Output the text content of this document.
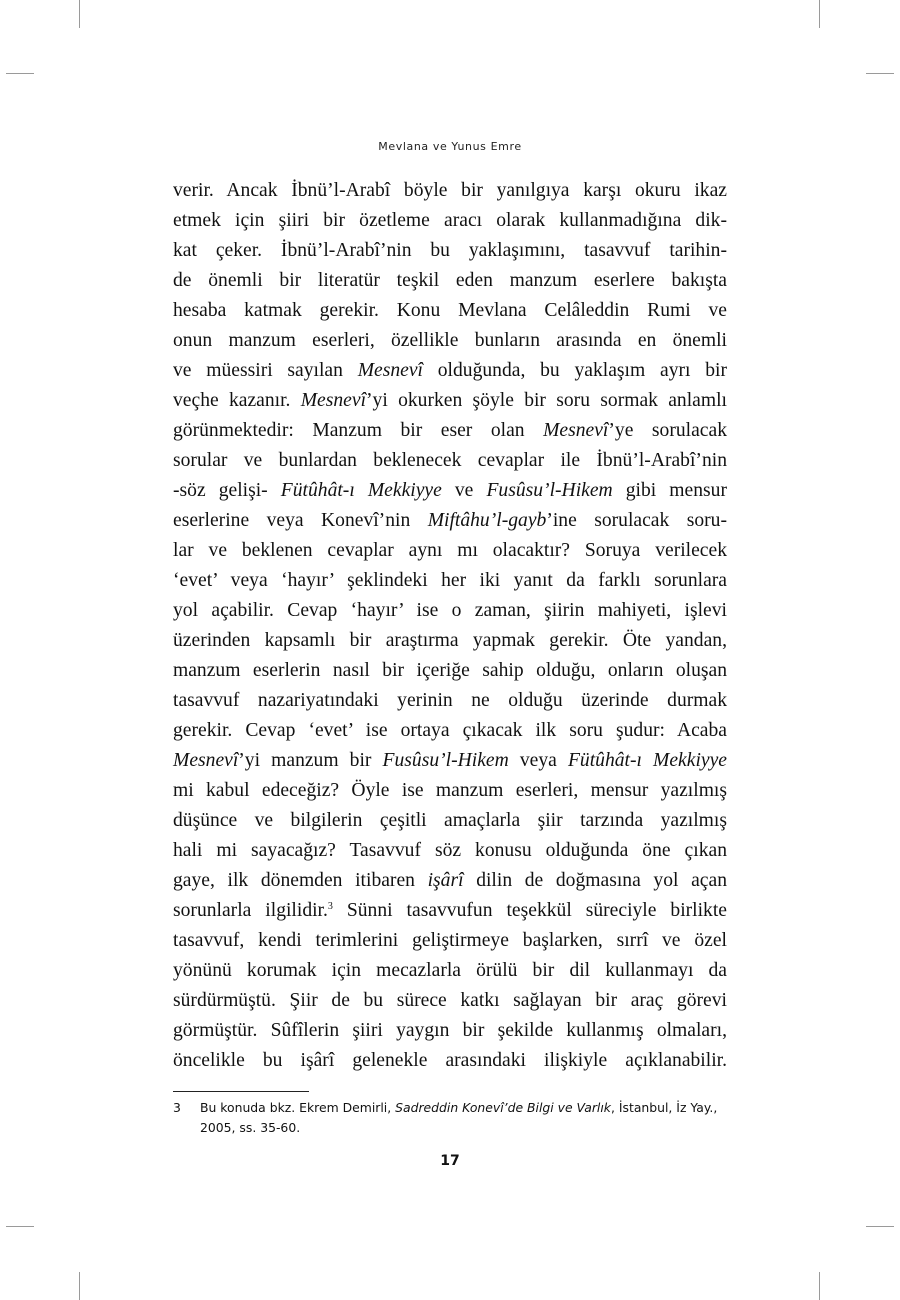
Mevlana ve Yunus Emre
verir. Ancak İbnü’l-Arabî böyle bir yanılgıya karşı okuru ikaz
etmek için şiiri bir özetleme aracı olarak kullanmadığına dik-
kat çeker. İbnü’l-Arabî’nin bu yaklaşımını, tasavvuf tarihin-
de önemli bir literatür teşkil eden manzum eserlere bakışta
hesaba katmak gerekir. Konu Mevlana Celâleddin Rumi ve
onun manzum eserleri, özellikle bunların arasında en önemli
ve müessiri sayılan Mesnevî olduğunda, bu yaklaşım ayrı bir
veçhe kazanır. Mesnevî’yi okurken şöyle bir soru sormak anlamlı
görünmektedir: Manzum bir eser olan Mesnevî’ye sorulacak
sorular ve bunlardan beklenecek cevaplar ile İbnü’l-Arabî’nin
-söz gelişi- Fütûhât-ı Mekkiyye ve Fusûsu’l-Hikem gibi mensur
eserlerine veya Konevî’nin Miftâhu’l-gayb’ine sorulacak soru-
lar ve beklenen cevaplar aynı mı olacaktır? Soruya verilecek
‘evet’ veya ‘hayır’ şeklindeki her iki yanıt da farklı sorunlara
yol açabilir. Cevap ‘hayır’ ise o zaman, şiirin mahiyeti, işlevi
üzerinden kapsamlı bir araştırma yapmak gerekir. Öte yandan,
manzum eserlerin nasıl bir içeriğe sahip olduğu, onların oluşan
tasavvuf nazariyatındaki yerinin ne olduğu üzerinde durmak
gerekir. Cevap ‘evet’ ise ortaya çıkacak ilk soru şudur: Acaba
Mesnevî’yi manzum bir Fusûsu’l-Hikem veya Fütûhât-ı Mekkiyye
mi kabul edeceğiz? Öyle ise manzum eserleri, mensur yazılmış
düşünce ve bilgilerin çeşitli amaçlarla şiir tarzında yazılmış
hali mi sayacağız? Tasavvuf söz konusu olduğunda öne çıkan
gaye, ilk dönemden itibaren işârî dilin de doğmasına yol açan
sorunlarla ilgilidir.$^3$ Sünni tasavvufun teşekkül süreciyle birlikte
tasavvuf, kendi terimlerini geliştirmeye başlarken, sırrî ve özel
yönünü korumak için mecazlarla örülü bir dil kullanmayı da
sürdürmüştü. Şiir de bu sürece katkı sağlayan bir araç görevi
görmüştür. Sûfîlerin şiiri yaygın bir şekilde kullanmış olmaları,
öncelikle bu işârî gelenekle arasındaki ilişkiyle açıklanabilir.
3 Bu konuda bkz. Ekrem Demirli, Sadreddin Konevî’de Bilgi ve Varlık, İstanbul, İz Yay., 2005, ss. 35-60.
17
